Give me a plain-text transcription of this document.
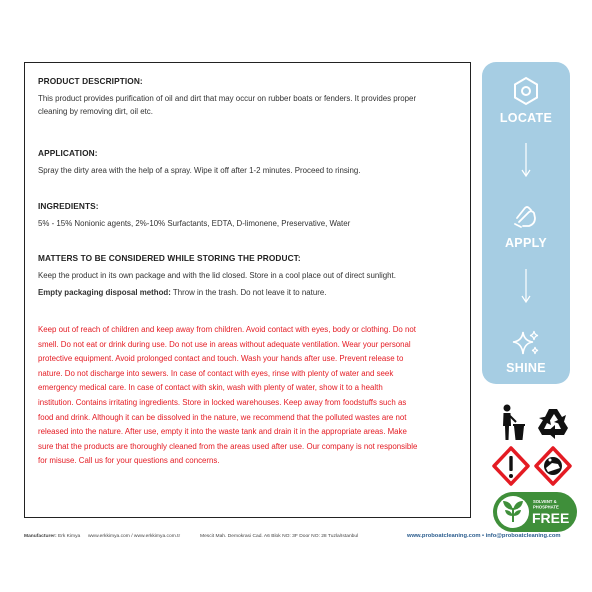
PRODUCT DESCRIPTION:
This product provides purification of oil and dirt that may occur on rubber boats or fenders. It provides proper
cleaning by removing dirt, oil etc.
APPLICATION:
Spray the dirty area with the help of a spray. Wipe it off after 1-2 minutes. Proceed to rinsing.
INGREDIENTS:
5% - 15% Nonionic agents, 2%-10% Surfactants, EDTA, D-limonene, Preservative, Water
MATTERS TO BE CONSIDERED WHILE STORING THE PRODUCT:
Keep the product in its own package and with the lid closed. Store in a cool place out of direct sunlight.
Empty packaging disposal method: Throw in the trash. Do not leave it to nature.
Keep out of reach of children and keep away from children. Avoid contact with eyes, body or clothing. Do not
smell. Do not eat or drink during use. Do not use in areas without adequate ventilation. Wear your personal
protective equipment. Avoid prolonged contact and touch. Wash your hands after use. Prevent release to
nature. Do not discharge into sewers. In case of contact with eyes, rinse with plenty of water and seek
emergency medical care. In case of contact with skin, wash with plenty of water, show it to a health
institution. Contains irritating ingredients. Store in locked warehouses. Keep away from foodstuffs such as
food and drink. Although it can be dissolved in the nature, we recommend that the polluted wastes are not
released into the nature. After use, empty it into the waste tank and drain it in the appropriate areas. Make
sure that the products are thoroughly cleaned from the areas used after use. Our company is not responsible
for misuse. Call us for your questions and concerns.
LOCATE
APPLY
SHINE
SOLVENT &
PHOSPHATE
FREE
Manufacturer: Erk Kimya www.erkkimya.com / www.erkkimya.com.tr	Mescit Mah. Demokrasi Cad. A6 Blok NO: 3F Door NO: 28 Tuzla/Istanbul	www.proboatcleaning.com • info@proboatcleaning.com
